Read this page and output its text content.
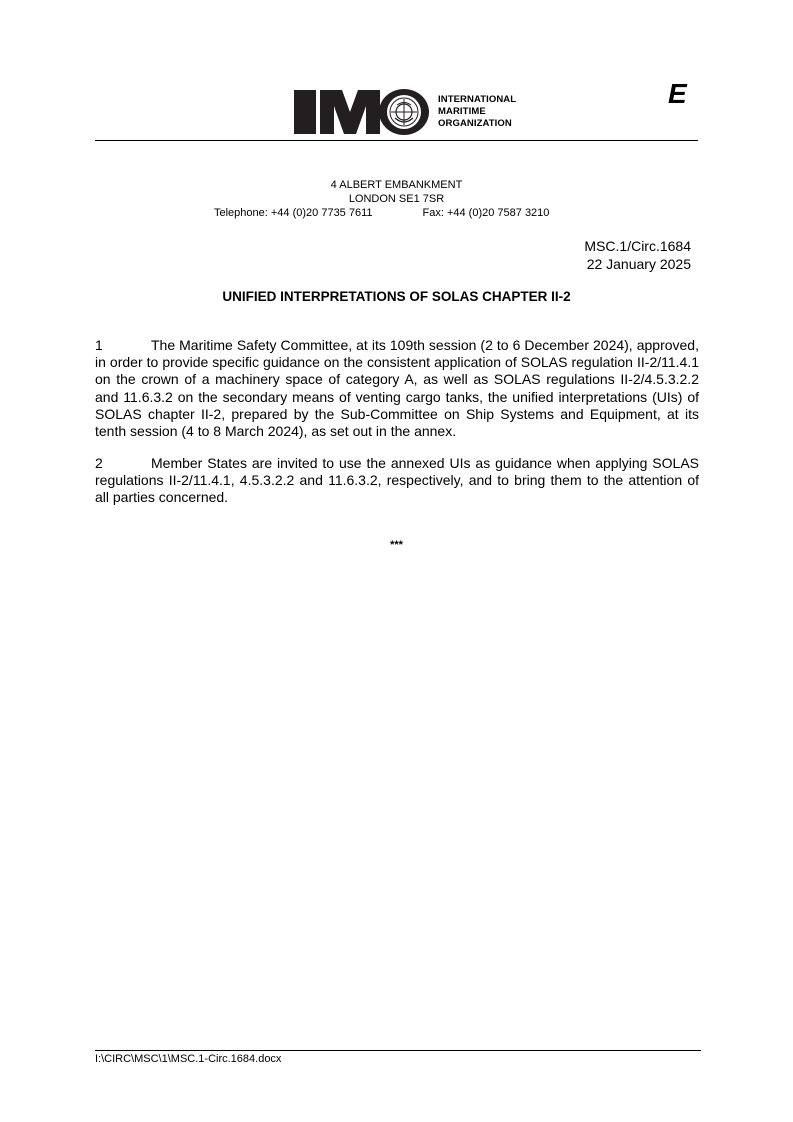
INTERNATIONAL
MARITIME
ORGANIZATION
E
4 ALBERT EMBANKMENT
LONDON SE1 7SR
Telephone: +44 (0)20 7735 7611	Fax: +44 (0)20 7587 3210
MSC.1/Circ.1684
22 January 2025
UNIFIED INTERPRETATIONS OF SOLAS CHAPTER II-2
1	The Maritime Safety Committee, at its 109th session (2 to 6 December 2024), approved, in order to provide specific guidance on the consistent application of SOLAS regulation II-2/11.4.1 on the crown of a machinery space of category A, as well as SOLAS regulations II-2/4.5.3.2.2 and 11.6.3.2 on the secondary means of venting cargo tanks, the unified interpretations (UIs) of SOLAS chapter II-2, prepared by the Sub-Committee on Ship Systems and Equipment, at its tenth session (4 to 8 March 2024), as set out in the annex.
2	Member States are invited to use the annexed UIs as guidance when applying SOLAS regulations II-2/11.4.1, 4.5.3.2.2 and 11.6.3.2, respectively, and to bring them to the attention of all parties concerned.
***
I:\CIRC\MSC\1\MSC.1-Circ.1684.docx
